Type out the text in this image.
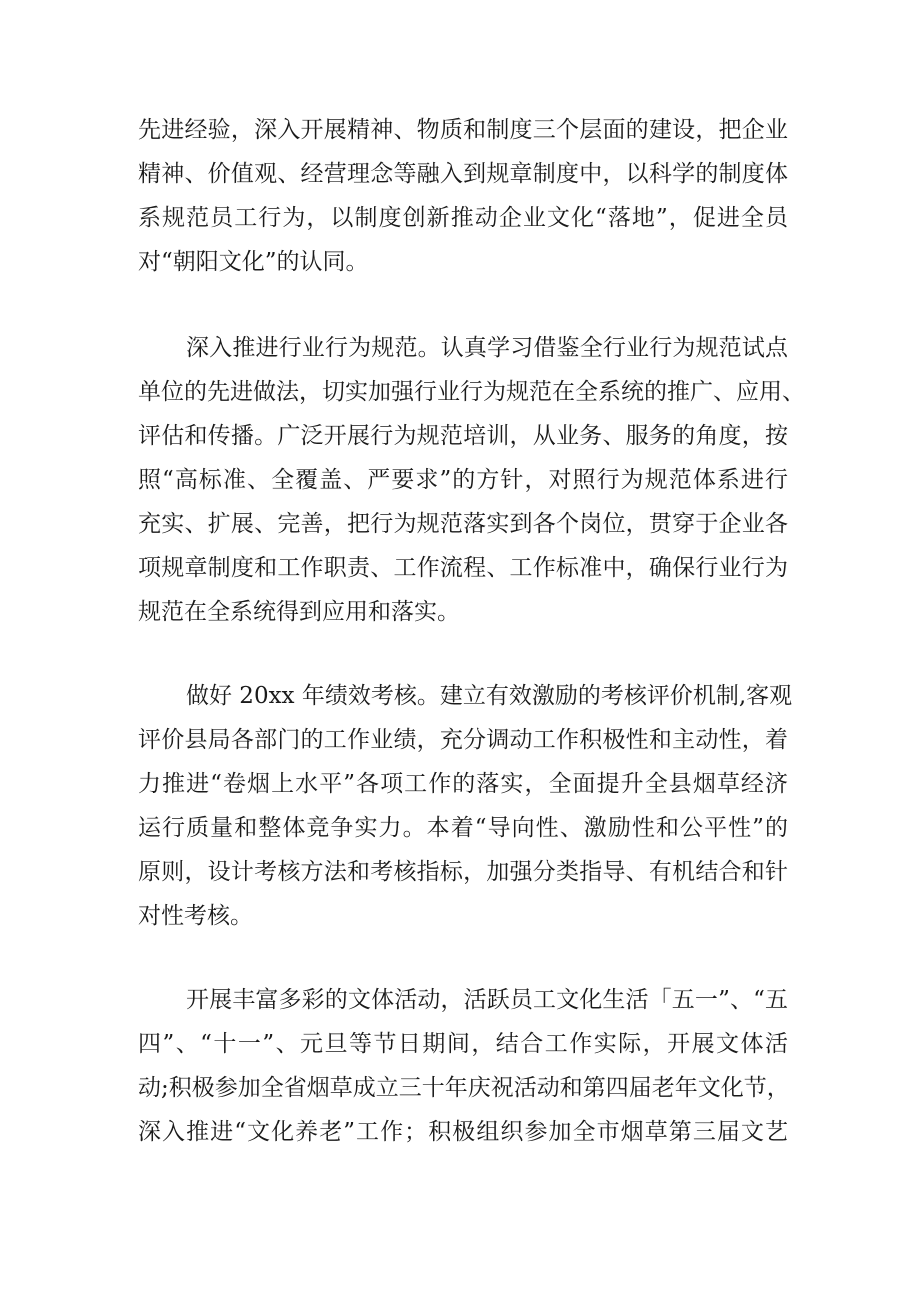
先进经验，深入开展精神、物质和制度三个层面的建设，把企业
精神、价值观、经营理念等融入到规章制度中，以科学的制度体
系规范员工行为，以制度创新推动企业文化“落地”，促进全员
对“朝阳文化”的认同。
深入推进行业行为规范。认真学习借鉴全行业行为规范试点
单位的先进做法，切实加强行业行为规范在全系统的推广、应用、
评估和传播。广泛开展行为规范培训，从业务、服务的角度，按
照“高标准、全覆盖、严要求”的方针，对照行为规范体系进行
充实、扩展、完善，把行为规范落实到各个岗位，贯穿于企业各
项规章制度和工作职责、工作流程、工作标准中，确保行业行为
规范在全系统得到应用和落实。
做好 20xx 年绩效考核。建立有效激励的考核评价机制,客观
评价县局各部门的工作业绩，充分调动工作积极性和主动性，着
力推进“卷烟上水平”各项工作的落实，全面提升全县烟草经济
运行质量和整体竞争实力。本着“导向性、激励性和公平性”的
原则，设计考核方法和考核指标，加强分类指导、有机结合和针
对性考核。
开展丰富多彩的文体活动，活跃员工文化生活「五一”、“五
四”、“十一”、元旦等节日期间，结合工作实际，开展文体活
动;积极参加全省烟草成立三十年庆祝活动和第四届老年文化节，
深入推进“文化养老”工作；积极组织参加全市烟草第三届文艺
